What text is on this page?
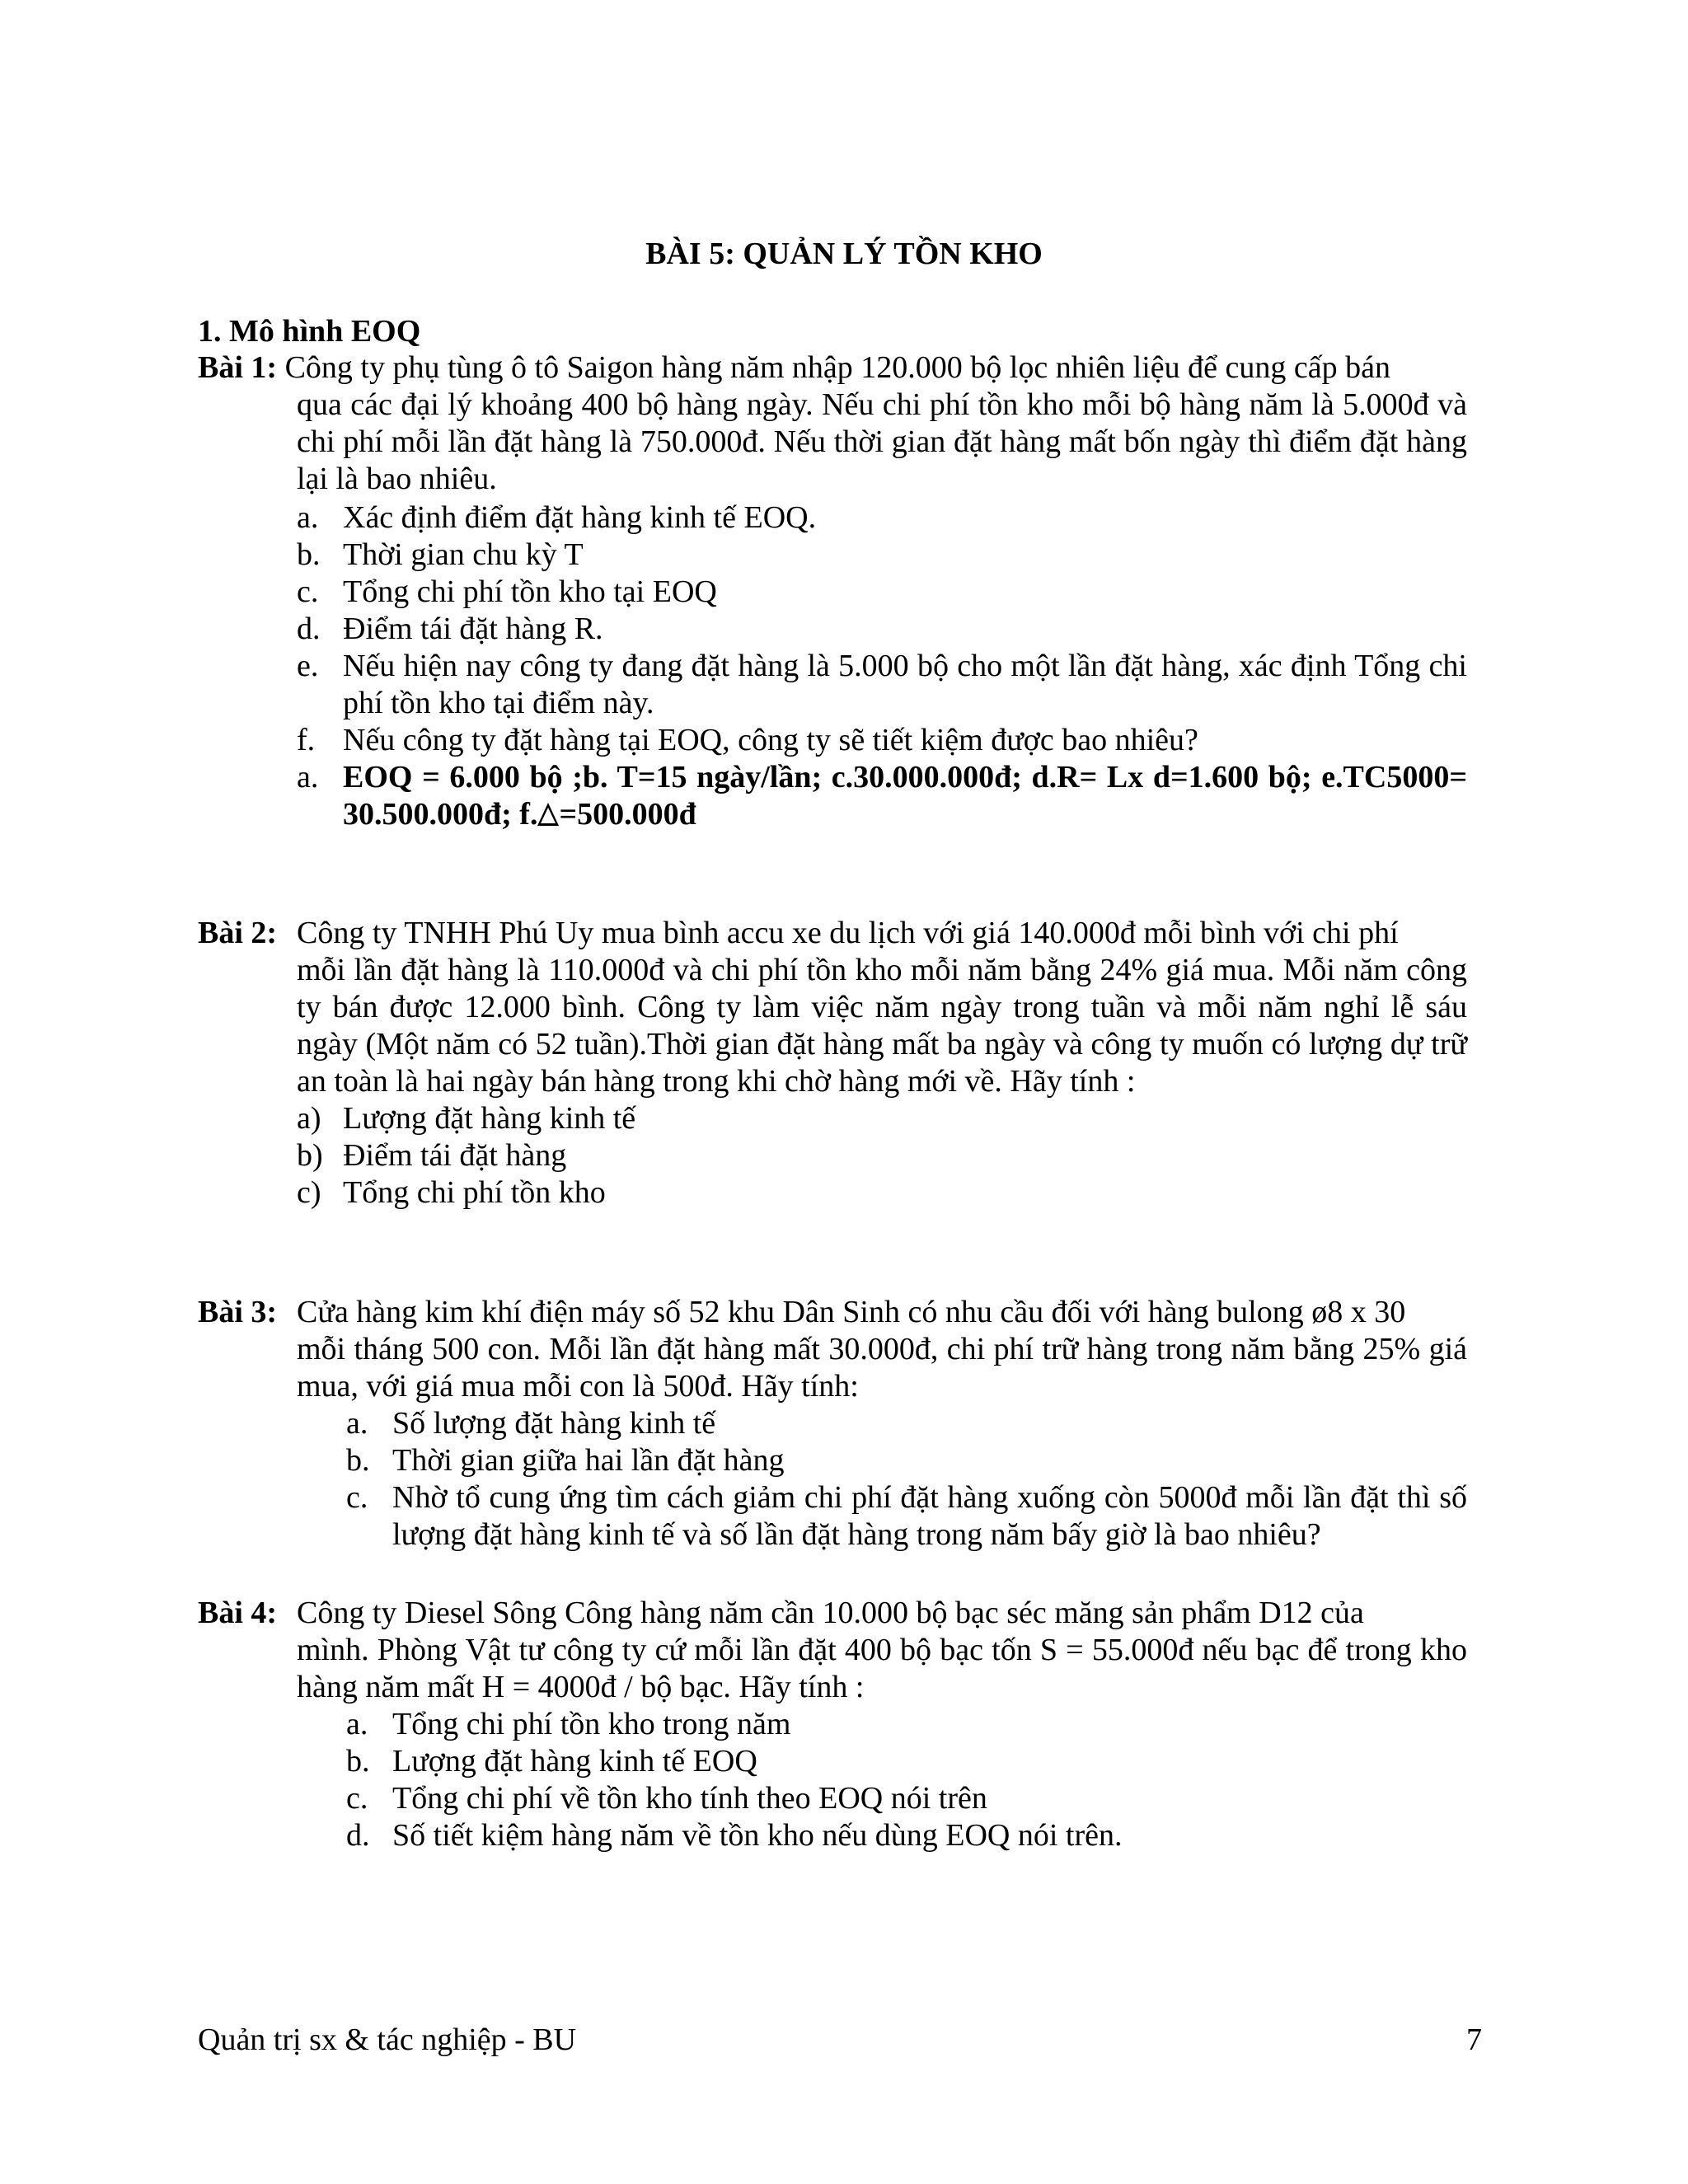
BÀI 5: QUẢN LÝ TỒN KHO
1. Mô hình EOQ
Bài 1: Công ty phụ tùng ô tô Saigon hàng năm nhập 120.000 bộ lọc nhiên liệu để cung cấp bán
qua các đại lý khoảng 400 bộ hàng ngày. Nếu chi phí tồn kho mỗi bộ hàng năm là 5.000đ và chi phí mỗi lần đặt hàng là 750.000đ. Nếu thời gian đặt hàng mất bốn ngày thì điểm đặt hàng lại là bao nhiêu.
a. Xác định điểm đặt hàng kinh tế EOQ.
b. Thời gian chu kỳ T
c. Tổng chi phí tồn kho tại EOQ
d. Điểm tái đặt hàng R.
e. Nếu hiện nay công ty đang đặt hàng là 5.000 bộ cho một lần đặt hàng, xác định Tổng chi phí tồn kho tại điểm này.
f. Nếu công ty đặt hàng tại EOQ, công ty sẽ tiết kiệm được bao nhiêu?
a. EOQ = 6.000 bộ ;b. T=15 ngày/lần; c.30.000.000đ; d.R= Lx d=1.600 bộ; e.TC5000= 30.500.000đ; f. =500.000đ
Bài 2: Công ty TNHH Phú Uy mua bình accu xe du lịch với giá 140.000đ mỗi bình với chi phí
mỗi lần đặt hàng là 110.000đ và chi phí tồn kho mỗi năm bằng 24% giá mua. Mỗi năm công ty bán được 12.000 bình. Công ty làm việc năm ngày trong tuần và mỗi năm nghỉ lễ sáu ngày (Một năm có 52 tuần).Thời gian đặt hàng mất ba ngày và công ty muốn có lượng dự trữ an toàn là hai ngày bán hàng trong khi chờ hàng mới về. Hãy tính :
a) Lượng đặt hàng kinh tế
b) Điểm tái đặt hàng
c) Tổng chi phí tồn kho
Bài 3: Cửa hàng kim khí điện máy số 52 khu Dân Sinh có nhu cầu đối với hàng bulong ø8 x 30
mỗi tháng 500 con. Mỗi lần đặt hàng mất 30.000đ, chi phí trữ hàng trong năm bằng 25% giá mua, với giá mua mỗi con là 500đ. Hãy tính:
a. Số lượng đặt hàng kinh tế
b. Thời gian giữa hai lần đặt hàng
c. Nhờ tổ cung ứng tìm cách giảm chi phí đặt hàng xuống còn 5000đ mỗi lần đặt thì số lượng đặt hàng kinh tế và số lần đặt hàng trong năm bấy giờ là bao nhiêu?
Bài 4: Công ty Diesel Sông Công hàng năm cần 10.000 bộ bạc séc măng sản phẩm D12 của
mình. Phòng Vật tư công ty cứ mỗi lần đặt 400 bộ bạc tốn S = 55.000đ nếu bạc để trong kho hàng năm mất H = 4000đ / bộ bạc. Hãy tính :
a. Tổng chi phí tồn kho trong năm
b. Lượng đặt hàng kinh tế EOQ
c. Tổng chi phí về tồn kho tính theo EOQ nói trên
d. Số tiết kiệm hàng năm về tồn kho nếu dùng EOQ nói trên.
Quản trị sx & tác nghiệp - BU	7
